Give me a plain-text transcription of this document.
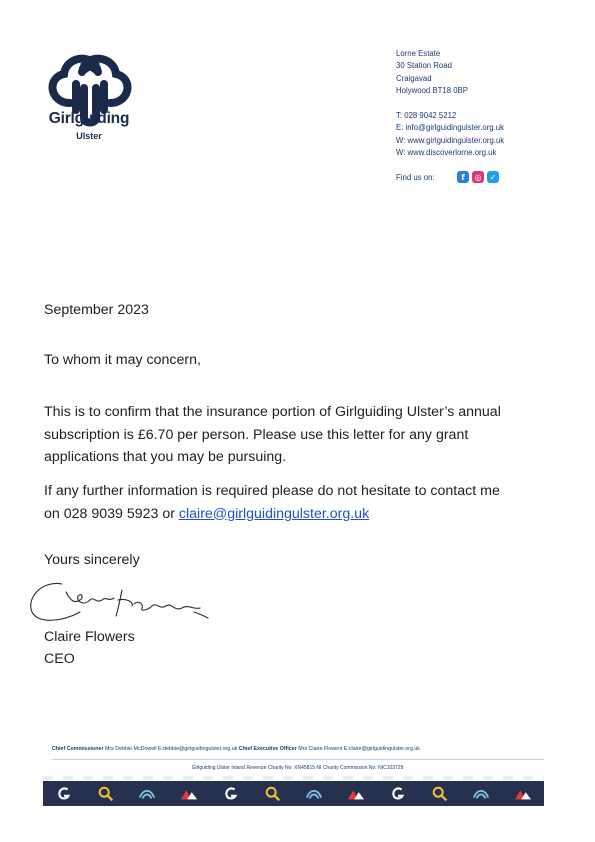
Girlguiding
Ulster
Lorne Estate
30 Station Road
Craigavad
Holywood BT18 0BP
T: 028 9042 5212
E: info@girlguidingulster.org.uk
W: www.girlguidingulster.org.uk
W: www.discoverlorne.org.uk
Find us on:	f	◎	✓
September 2023
To whom it may concern,
This is to confirm that the insurance portion of Girlguiding Ulster’s annual
subscription is £6.70 per person. Please use this letter for any grant
applications that you may be pursuing.
If any further information is required please do not hesitate to contact me
on 028 9039 5923 or claire@girlguidingulster.org.uk
Yours sincerely
Claire Flowers
CEO
Chief Commissioner Mrs Debbie McDowell E:debbie@girlguidingulster.org.uk Chief Executive Officer Mrs Claire Flowers E:claire@girlguidingulster.org.uk
Girlguiding Ulster Inland Revenue Charity No: XN45815 NI Charity Commission No: NIC103728
